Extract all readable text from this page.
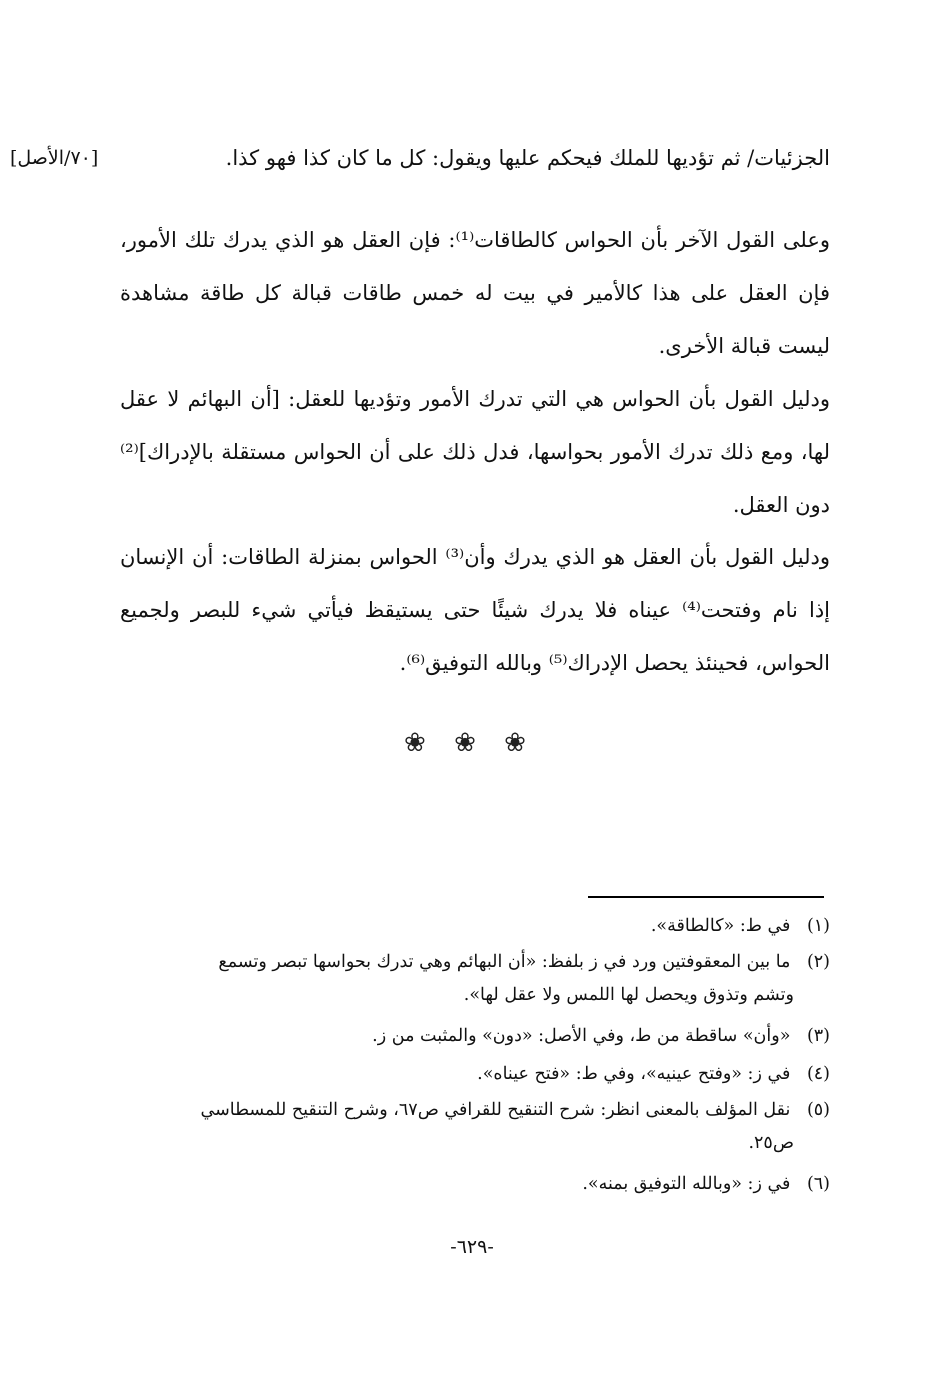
الجزئيات/ ثم تؤديها للملك فيحكم عليها ويقول: كل ما كان كذا فهو كذا.
[٧٠/الأصل]

وعلى القول الآخر بأن الحواس كالطاقات⁽¹⁾: فإن العقل هو الذي يدرك تلك الأمور، فإن العقل على هذا كالأمير في بيت له خمس طاقات قبالة كل طاقة مشاهدة ليست قبالة الأخرى.

ودليل القول بأن الحواس هي التي تدرك الأمور وتؤديها للعقل: [أن البهائم لا عقل لها، ومع ذلك تدرك الأمور بحواسها، فدل ذلك على أن الحواس مستقلة بالإدراك]⁽²⁾ دون العقل.

ودليل القول بأن العقل هو الذي يدرك وأن⁽³⁾ الحواس بمنزلة الطاقات: أن الإنسان إذا نام وفتحت⁽⁴⁾ عيناه فلا يدرك شيئًا حتى يستيقظ فيأتي شيء للبصر ولجميع الحواس، فحينئذ يحصل الإدراك⁽⁵⁾ وبالله التوفيق⁽⁶⁾.

❀ ❀ ❀
(١) في ط: «كالطاقة».
(٢) ما بين المعقوفتين ورد في ز بلفظ: «أن البهائم وهي تدرك بحواسها تبصر وتسمع
وتشم وتذوق ويحصل لها اللمس ولا عقل لها».
(٣) «وأن» ساقطة من ط، وفي الأصل: «دون» والمثبت من ز.
(٤) في ز: «وفتح عينيه»، وفي ط: «فتح عيناه».
(٥) نقل المؤلف بالمعنى انظر: شرح التنقيح للقرافي ص٦٧، وشرح التنقيح للمسطاسي
ص٢٥.
(٦) في ز: «وبالله التوفيق بمنه».
-٦٢٩-
